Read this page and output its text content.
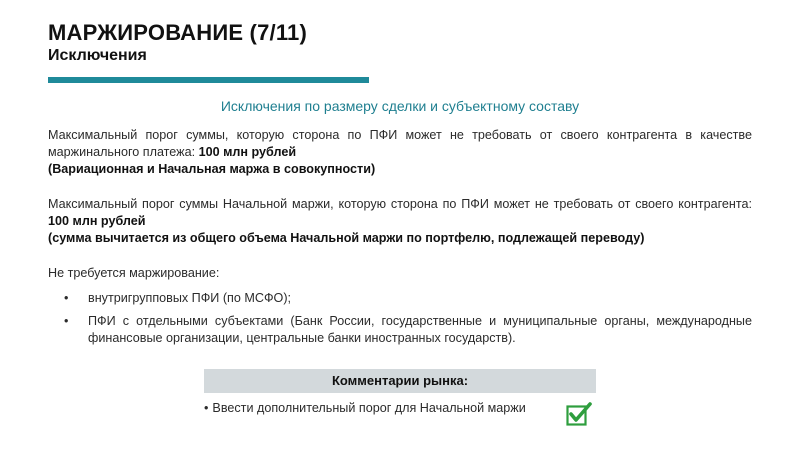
МАРЖИРОВАНИЕ (7/11)
Исключения
Исключения по размеру сделки и субъектному составу

Максимальный порог суммы, которую сторона по ПФИ может не требовать от своего контрагента в качестве маржинального платежа: 100 млн рублей
(Вариационная и Начальная маржа в совокупности)

Максимальный порог суммы Начальной маржи, которую сторона по ПФИ может не требовать от своего контрагента: 100 млн рублей
(сумма вычитается из общего объема Начальной маржи по портфелю, подлежащей переводу)

Не требуется маржирование:

• внутригрупповых ПФИ (по МСФО);
• ПФИ с отдельными субъектами (Банк России, государственные и муниципальные органы, международные финансовые организации, центральные банки иностранных государств).
Комментарии рынка:
• Ввести дополнительный порог для Начальной маржи
